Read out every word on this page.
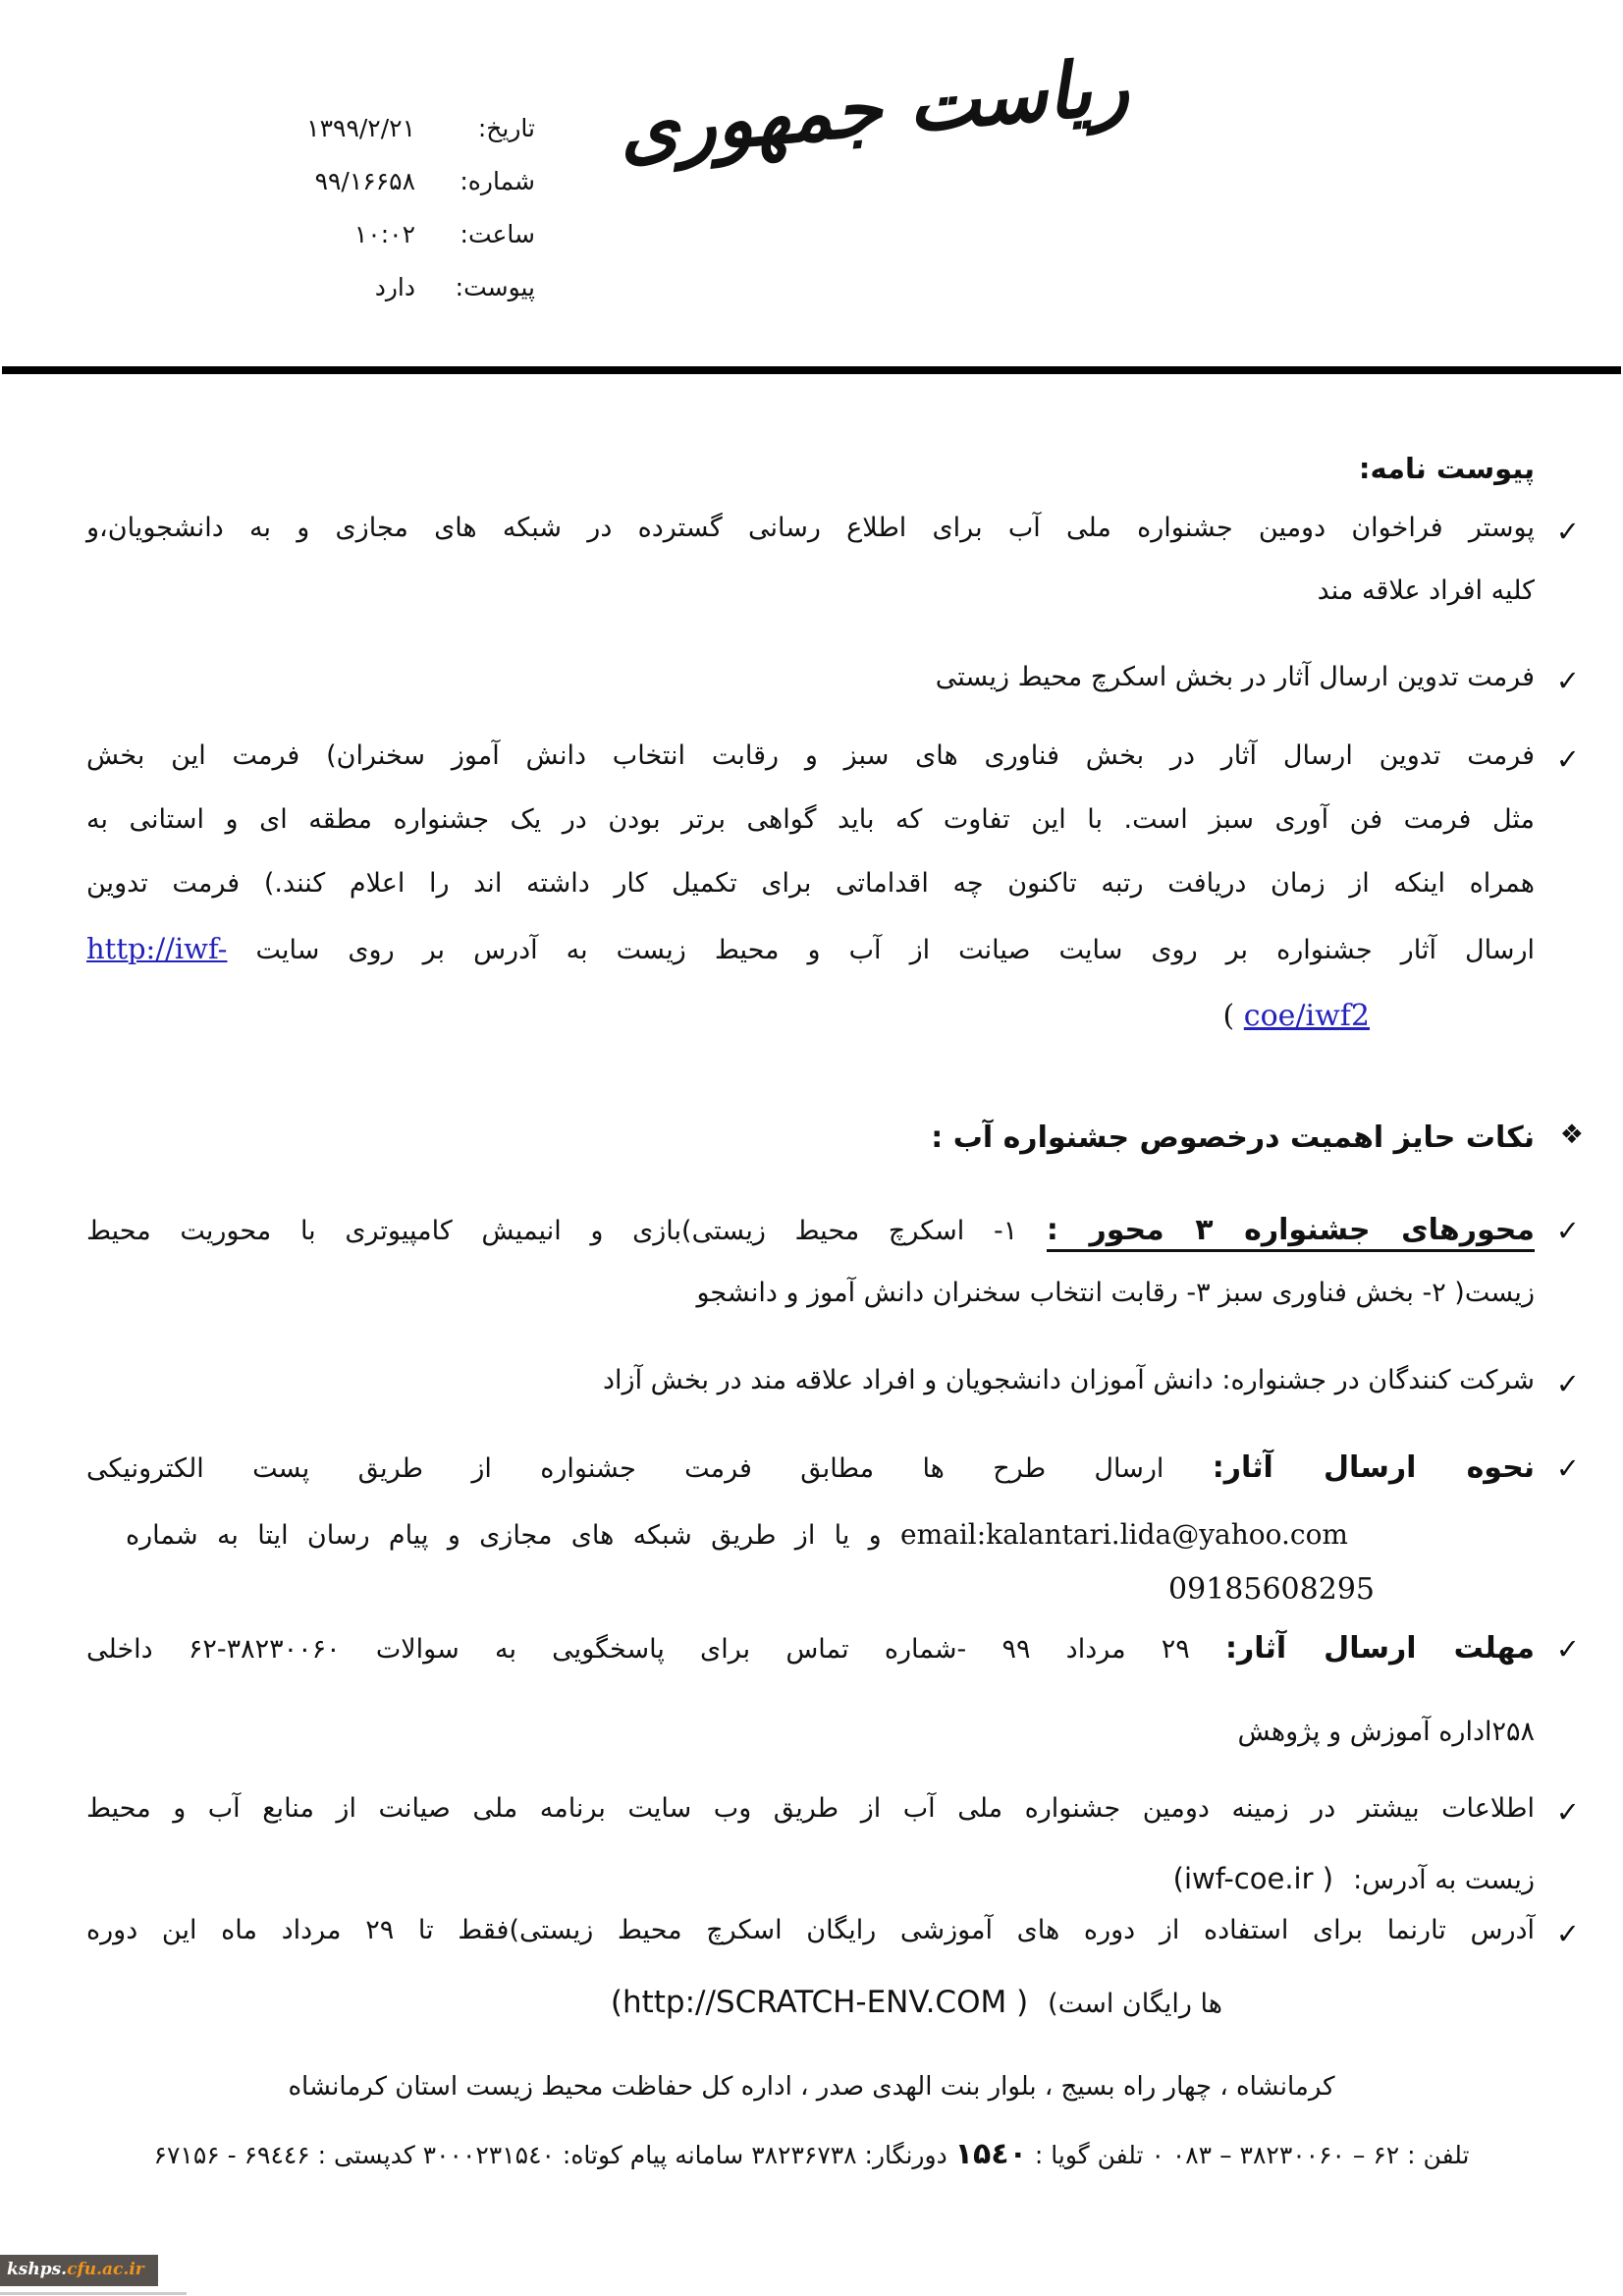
ریاست جمهوری
تاریخ:
۱۳۹۹/۲/۲۱
شماره:
۹۹/۱۶۶۵۸
ساعت:
۱۰:۰۲
پیوست:
دارد
پیوست نامه:
✓
پوستر فراخوان دومین جشنواره ملی آب برای اطلاع رسانی گسترده در شبکه های مجازی و به دانشجویان،و
کلیه افراد علاقه مند
✓
فرمت تدوین ارسال آثار در بخش اسکرچ محیط زیستی
✓
فرمت تدوین ارسال آثار در بخش فناوری های سبز و رقابت انتخاب دانش آموز سخنران) فرمت این بخش
مثل فرمت فن آوری سبز است. با این تفاوت که باید گواهی برتر بودن در یک جشنواره مطقه ای و استانی به
همراه اینکه از زمان دریافت رتبه تاکنون چه اقداماتی برای تکمیل کار داشته اند را اعلام کنند.) فرمت تدوین
ارسال آثار جشنواره بر روی سایت صیانت از آب و محیط زیست به آدرس بر روی سایت http://iwf-
( coe/iwf2
❖
نکات حایز اهمیت درخصوص جشنواره آب :
✓
محورهای جشنواره ۳ محور : ۱- اسکرچ محیط زیستی)بازی و انیمیش کامپیوتری با محوریت محیط
زیست( ۲- بخش فناوری سبز ۳- رقابت انتخاب سخنران دانش آموز و دانشجو
✓
شرکت کنندگان در جشنواره: دانش آموزان دانشجویان و افراد علاقه مند در بخش آزاد
✓
نحوه ارسال آثار: ارسال طرح ها مطابق فرمت جشنواره از طریق پست الکترونیکی
email:kalantari.lida@yahoo.com و یا از طریق شبکه های مجازی و پیام رسان ایتا به شماره
09185608295
✓
مهلت ارسال آثار: ۲۹ مرداد ۹۹ -شماره تماس برای پاسخگویی به سوالات ۳۸۲۳۰۰۶۰-۶۲ داخلی
۲۵۸اداره آموزش و پژوهش
✓
اطلاعات بیشتر در زمینه دومین جشنواره ملی آب از طریق وب سایت برنامه ملی صیانت از منابع آب و محیط
زیست به آدرس:(iwf-coe.ir )
✓
آدرس تارنما برای استفاده از دوره های آموزشی رایگان اسکرچ محیط زیستی)فقط تا ۲۹ مرداد ماه این دوره
ها رایگان است)(http://SCRATCH-ENV.COM )
کرمانشاه ، چهار راه بسیج ، بلوار بنت الهدی صدر ، اداره کل حفاظت محیط زیست استان کرمانشاه
تلفن : ۶۲ – ۳۸۲۳۰۰۶۰ – ۰۸۳ ۰ تلفن گویا : ۱۵٤۰ دورنگار: ۳۸۲۳۶۷۳۸ سامانه پیام کوتاه: ۳۰۰۰۲۳۱۵٤۰ کدپستی : ۶۹٤٤۶ - ۶۷۱۵۶
kshps.cfu.ac.ir
